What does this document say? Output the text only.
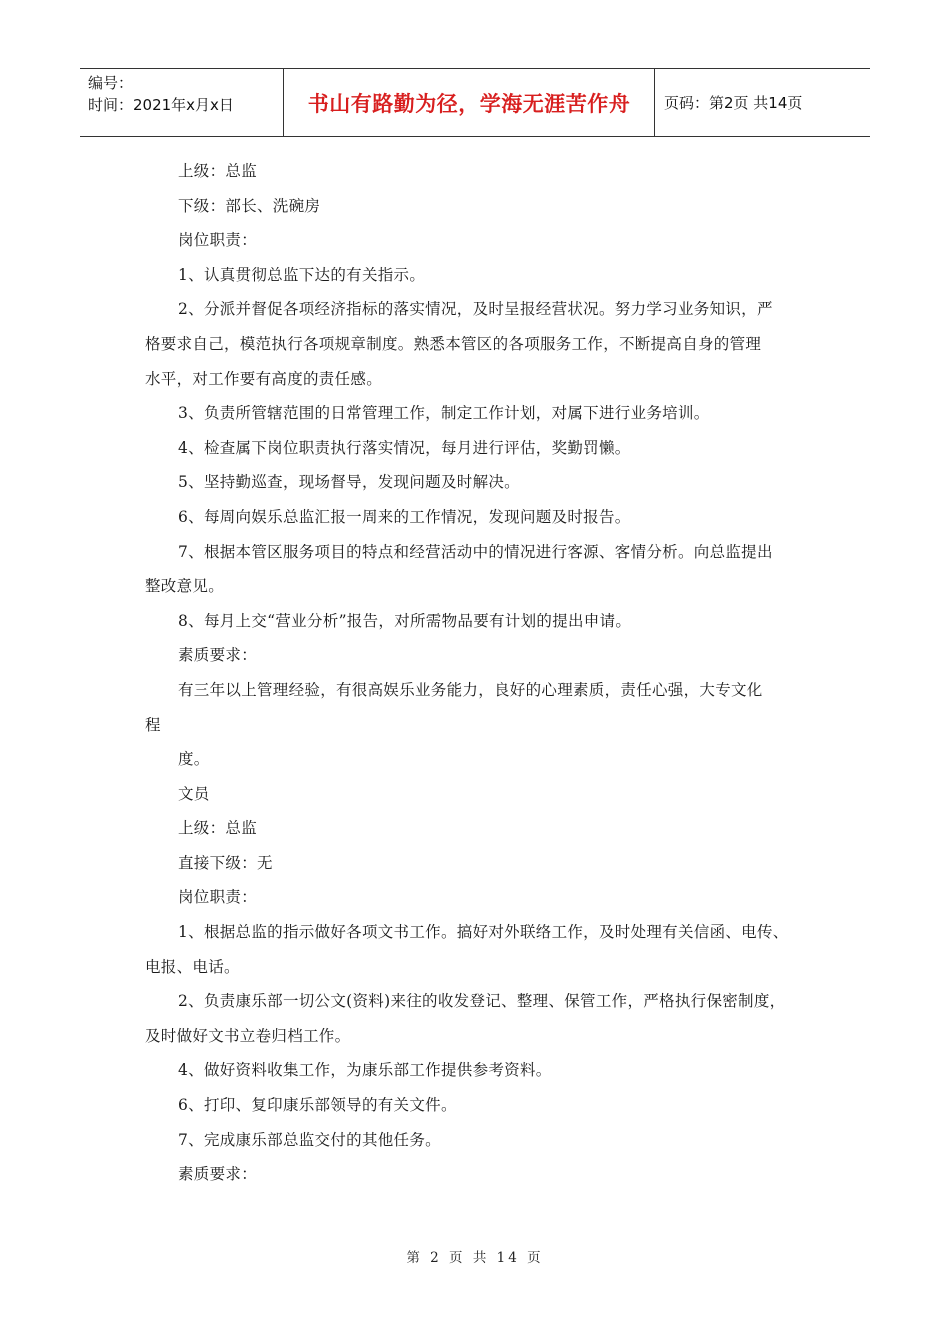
编号：
时间：2021年x月x日	书山有路勤为径，学海无涯苦作舟	页码：第2页 共14页
上级：总监
下级：部长、洗碗房
岗位职责：
1、认真贯彻总监下达的有关指示。
2、分派并督促各项经济指标的落实情况，及时呈报经营状况。努力学习业务知识，严
格要求自己，模范执行各项规章制度。熟悉本管区的各项服务工作，不断提高自身的管理
水平，对工作要有高度的责任感。
3、负责所管辖范围的日常管理工作，制定工作计划，对属下进行业务培训。
4、检查属下岗位职责执行落实情况，每月进行评估，奖勤罚懒。
5、坚持勤巡查，现场督导，发现问题及时解决。
6、每周向娱乐总监汇报一周来的工作情况，发现问题及时报告。
7、根据本管区服务项目的特点和经营活动中的情况进行客源、客情分析。向总监提出
整改意见。
8、每月上交“营业分析”报告，对所需物品要有计划的提出申请。
素质要求：
有三年以上管理经验，有很高娱乐业务能力，良好的心理素质，责任心强，大专文化
程
度。
文员
上级：总监
直接下级：无
岗位职责：
1、根据总监的指示做好各项文书工作。搞好对外联络工作，及时处理有关信函、电传、
电报、电话。
2、负责康乐部一切公文(资料)来往的收发登记、整理、保管工作，严格执行保密制度，
及时做好文书立卷归档工作。
4、做好资料收集工作，为康乐部工作提供参考资料。
6、打印、复印康乐部领导的有关文件。
7、完成康乐部总监交付的其他任务。
素质要求：
第 2 页 共 14 页
